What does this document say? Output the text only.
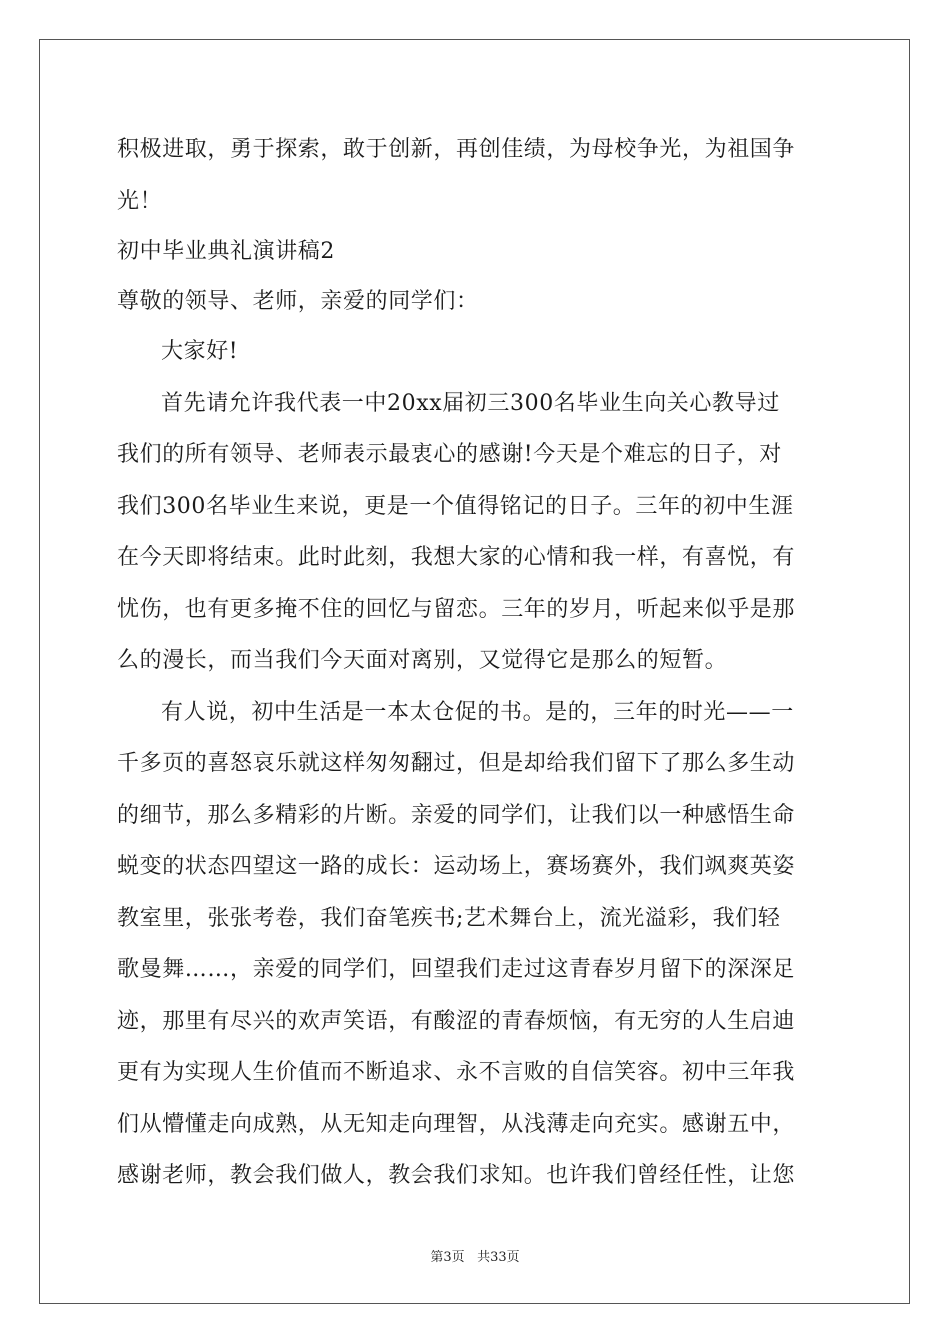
积极进取，勇于探索，敢于创新，再创佳绩，为母校争光，为祖国争
光！
初中毕业典礼演讲稿2
尊敬的领导、老师，亲爱的同学们：
大家好!
首先请允许我代表一中20xx届初三300名毕业生向关心教导过
我们的所有领导、老师表示最衷心的感谢!今天是个难忘的日子，对
我们300名毕业生来说，更是一个值得铭记的日子。三年的初中生涯
在今天即将结束。此时此刻，我想大家的心情和我一样，有喜悦，有
忧伤，也有更多掩不住的回忆与留恋。三年的岁月，听起来似乎是那
么的漫长，而当我们今天面对离别，又觉得它是那么的短暂。
有人说，初中生活是一本太仓促的书。是的，三年的时光——一
千多页的喜怒哀乐就这样匆匆翻过，但是却给我们留下了那么多生动
的细节，那么多精彩的片断。亲爱的同学们，让我们以一种感悟生命
蜕变的状态四望这一路的成长：运动场上，赛场赛外，我们飒爽英姿
教室里，张张考卷，我们奋笔疾书;艺术舞台上，流光溢彩，我们轻
歌曼舞……，亲爱的同学们，回望我们走过这青春岁月留下的深深足
迹，那里有尽兴的欢声笑语，有酸涩的青春烦恼，有无穷的人生启迪
更有为实现人生价值而不断追求、永不言败的自信笑容。初中三年我
们从懵懂走向成熟，从无知走向理智，从浅薄走向充实。感谢五中，
感谢老师，教会我们做人，教会我们求知。也许我们曾经任性，让您
第3页 共33页
